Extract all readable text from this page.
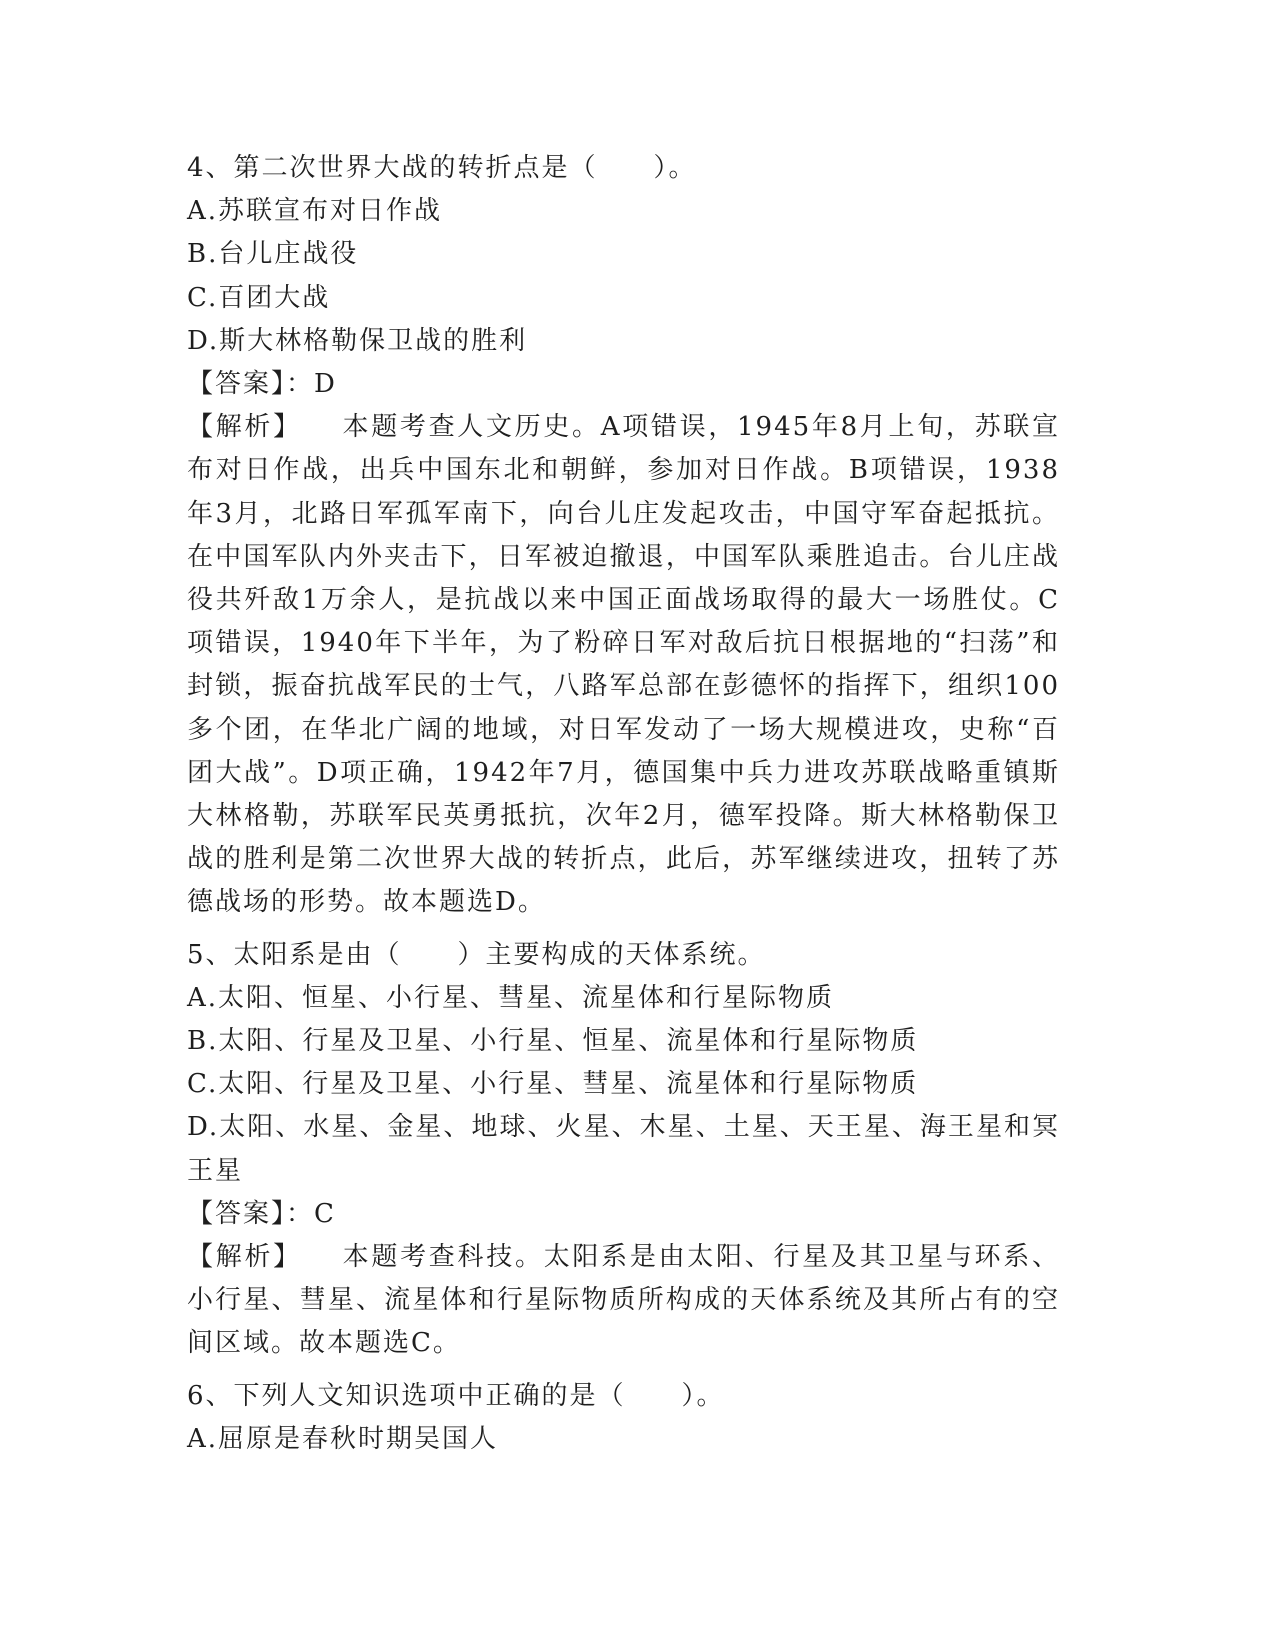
4、第二次世界大战的转折点是（　　）。
A.苏联宣布对日作战
B.台儿庄战役
C.百团大战
D.斯大林格勒保卫战的胜利
【答案】：D
【解析】 本题考查人文历史。A项错误，1945年8月上旬，苏联宣布对日作战，出兵中国东北和朝鲜，参加对日作战。B项错误，1938年3月，北路日军孤军南下，向台儿庄发起攻击，中国守军奋起抵抗。在中国军队内外夹击下，日军被迫撤退，中国军队乘胜追击。台儿庄战役共歼敌1万余人，是抗战以来中国正面战场取得的最大一场胜仗。C项错误，1940年下半年，为了粉碎日军对敌后抗日根据地的“扫荡”和封锁，振奋抗战军民的士气，八路军总部在彭德怀的指挥下，组织100多个团，在华北广阔的地域，对日军发动了一场大规模进攻，史称“百团大战”。D项正确，1942年7月，德国集中兵力进攻苏联战略重镇斯大林格勒，苏联军民英勇抵抗，次年2月，德军投降。斯大林格勒保卫战的胜利是第二次世界大战的转折点，此后，苏军继续进攻，扭转了苏德战场的形势。故本题选D。
5、太阳系是由（　　）主要构成的天体系统。
A.太阳、恒星、小行星、彗星、流星体和行星际物质
B.太阳、行星及卫星、小行星、恒星、流星体和行星际物质
C.太阳、行星及卫星、小行星、彗星、流星体和行星际物质
D.太阳、水星、金星、地球、火星、木星、土星、天王星、海王星和冥王星
【答案】：C
【解析】 本题考查科技。太阳系是由太阳、行星及其卫星与环系、小行星、彗星、流星体和行星际物质所构成的天体系统及其所占有的空间区域。故本题选C。
6、下列人文知识选项中正确的是（　　）。
A.屈原是春秋时期吴国人
